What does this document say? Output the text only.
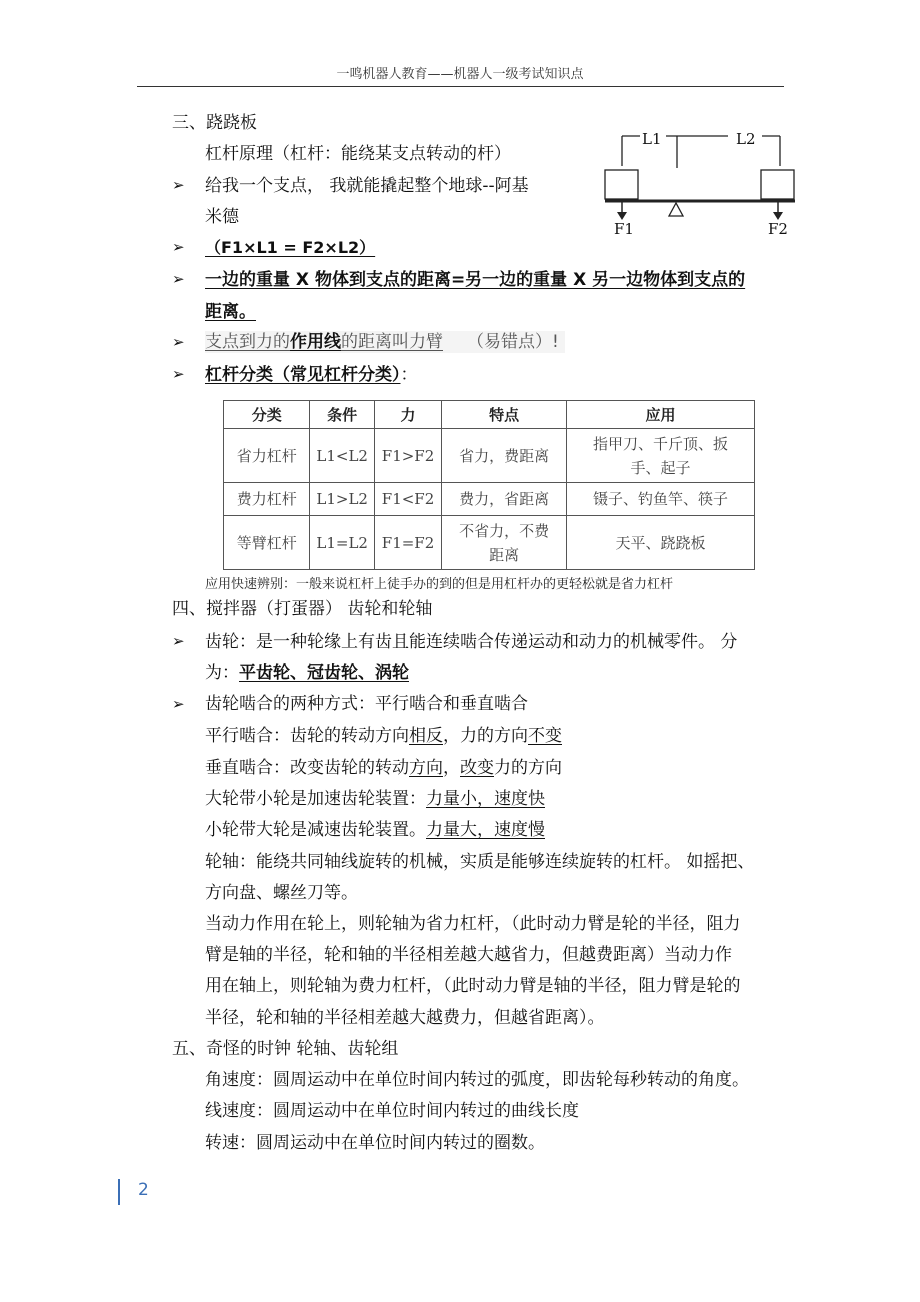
一鸣机器人教育——机器人一级考试知识点
三、跷跷板
杠杆原理（杠杆：能绕某支点转动的杆）
➢ 给我一个支点， 我就能撬起整个地球--阿基
米德
➢ （F1×L1 = F2×L2）
➢ 一边的重量 X 物体到支点的距离=另一边的重量 X 另一边物体到支点的
距离。
➢ 支点到力的作用线的距离叫力臂 （易错点）!
➢ 杠杆分类（常见杠杆分类）：
L1	L2
F1	F2
分类	条件	力	特点	应用
省力杠杆	L1<L2	F1>F2	省力，费距离	指甲刀、千斤顶、扳手、起子
费力杠杆	L1>L2	F1<F2	费力，省距离	镊子、钓鱼竿、筷子
等臂杠杆	L1=L2	F1=F2	不省力，不费距离	天平、跷跷板
应用快速辨别：一般来说杠杆上徒手办的到的但是用杠杆办的更轻松就是省力杠杆
四、搅拌器（打蛋器） 齿轮和轮轴
➢ 齿轮：是一种轮缘上有齿且能连续啮合传递运动和动力的机械零件。 分
为：平齿轮、冠齿轮、涡轮
➢ 齿轮啮合的两种方式：平行啮合和垂直啮合
平行啮合：齿轮的转动方向相反，力的方向不变
垂直啮合：改变齿轮的转动方向，改变力的方向
大轮带小轮是加速齿轮装置：力量小，速度快
小轮带大轮是减速齿轮装置。力量大，速度慢
轮轴：能绕共同轴线旋转的机械，实质是能够连续旋转的杠杆。 如摇把、
方向盘、螺丝刀等。
当动力作用在轮上，则轮轴为省力杠杆，（此时动力臂是轮的半径，阻力
臂是轴的半径，轮和轴的半径相差越大越省力，但越费距离）当动力作
用在轴上，则轮轴为费力杠杆，（此时动力臂是轴的半径，阻力臂是轮的
半径，轮和轴的半径相差越大越费力，但越省距离）。
五、奇怪的时钟 轮轴、齿轮组
角速度：圆周运动中在单位时间内转过的弧度，即齿轮每秒转动的角度。
线速度：圆周运动中在单位时间内转过的曲线长度
转速：圆周运动中在单位时间内转过的圈数。
2
